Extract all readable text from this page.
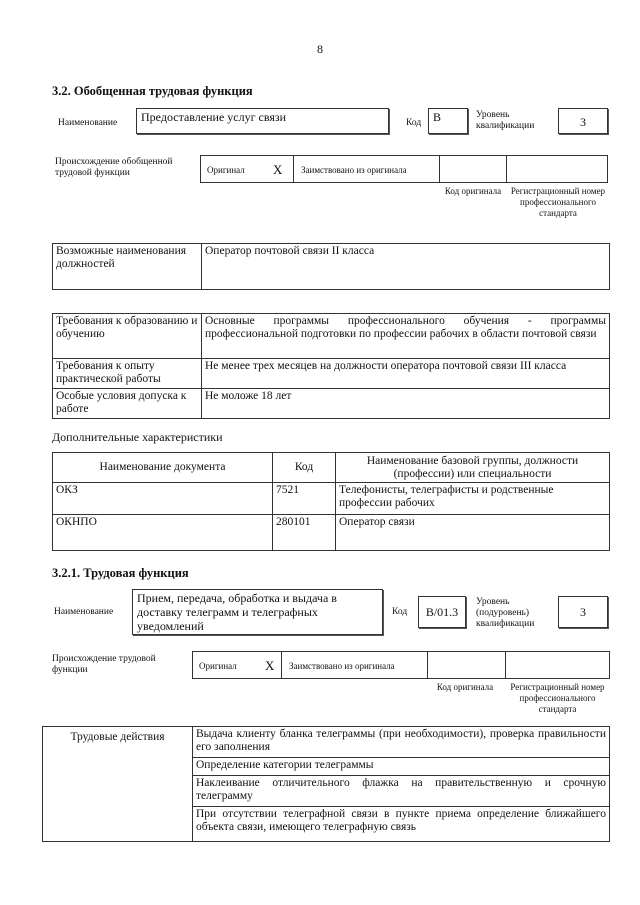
8
3.2. Обобщенная трудовая функция
Наименование	Предоставление услуг связи	Код B	Уровень квалификации	3
Происхождение обобщенной трудовой функции	Оригинал X Заимствовано из оригинала
Код оригинала	Регистрационный номер профессионального стандарта
Возможные наименования должностей	Оператор почтовой связи II класса
Требования к образованию и обучению	Основные программы профессионального обучения - программы профессиональной подготовки по профессии рабочих в области почтовой связи
Требования к опыту практической работы	Не менее трех месяцев на должности оператора почтовой связи III класса
Особые условия допуска к работе	Не моложе 18 лет
Дополнительные характеристики
Наименование документа	Код	Наименование базовой группы, должности (профессии) или специальности
ОКЗ	7521	Телефонисты, телеграфисты и родственные профессии рабочих
ОКНПО	280101	Оператор связи
3.2.1. Трудовая функция
Наименование
Прием, передача, обработка и выдача в доставку телеграмм и телеграфных уведомлений
Код	B/01.3
Уровень (подуровень) квалификации
3
Происхождение трудовой функции	Оригинал X Заимствовано из оригинала
Код оригинала	Регистрационный номер профессионального стандарта
Трудовые действия	Выдача клиенту бланка телеграммы (при необходимости), проверка правильности его заполнения
Определение категории телеграммы
Наклеивание отличительного флажка на правительственную и срочную телеграмму
При отсутствии телеграфной связи в пункте приема определение ближайшего объекта связи, имеющего телеграфную связь
